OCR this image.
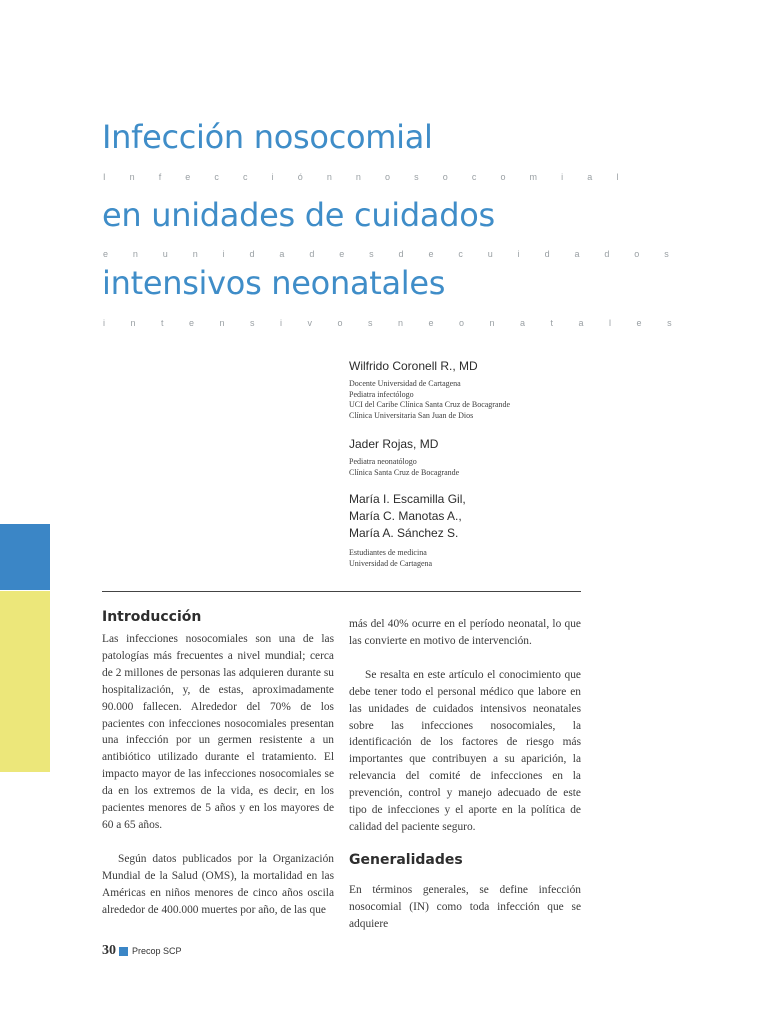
Infección nosocomial
I n f e c c i ó n n o s o c o m i a l
en unidades de cuidados
e n u n i d a d e s d e c u i d a d o s
intensivos neonatales
i n t e n s i v o s n e o n a t a l e s
Wilfrido Coronell R., MD
Docente Universidad de Cartagena
Pediatra infectólogo
UCI del Caribe Clínica Santa Cruz de Bocagrande
Clínica Universitaria San Juan de Dios
Jader Rojas, MD
Pediatra neonatólogo
Clínica Santa Cruz de Bocagrande
María I. Escamilla Gil,
María C. Manotas A.,
María A. Sánchez S.
Estudiantes de medicina
Universidad de Cartagena
Introducción

Las infecciones nosocomiales son una de las patologías más frecuentes a nivel mundial; cerca de 2 millones de personas las adquieren durante su hospitalización, y, de estas, aproximadamente 90.000 fallecen. Alrededor del 70% de los pacientes con infecciones nosocomiales presentan una infección por un germen resistente a un antibiótico utilizado durante el tratamiento. El impacto mayor de las infecciones nosocomiales se da en los extremos de la vida, es decir, en los pacientes menores de 5 años y en los mayores de 60 a 65 años.

Según datos publicados por la Organización Mundial de la Salud (OMS), la mortalidad en las Américas en niños menores de cinco años oscila alrededor de 400.000 muertes por año, de las que

más del 40% ocurre en el período neonatal, lo que las convierte en motivo de intervención.

Se resalta en este artículo el conocimiento que debe tener todo el personal médico que labore en las unidades de cuidados intensivos neonatales sobre las infecciones nosocomiales, la identificación de los factores de riesgo más importantes que contribuyen a su aparición, la relevancia del comité de infecciones en la prevención, control y manejo adecuado de este tipo de infecciones y el aporte en la política de calidad del paciente seguro.

Generalidades

En términos generales, se define infección nosocomial (IN) como toda infección que se adquiere

30 Precop SCP
